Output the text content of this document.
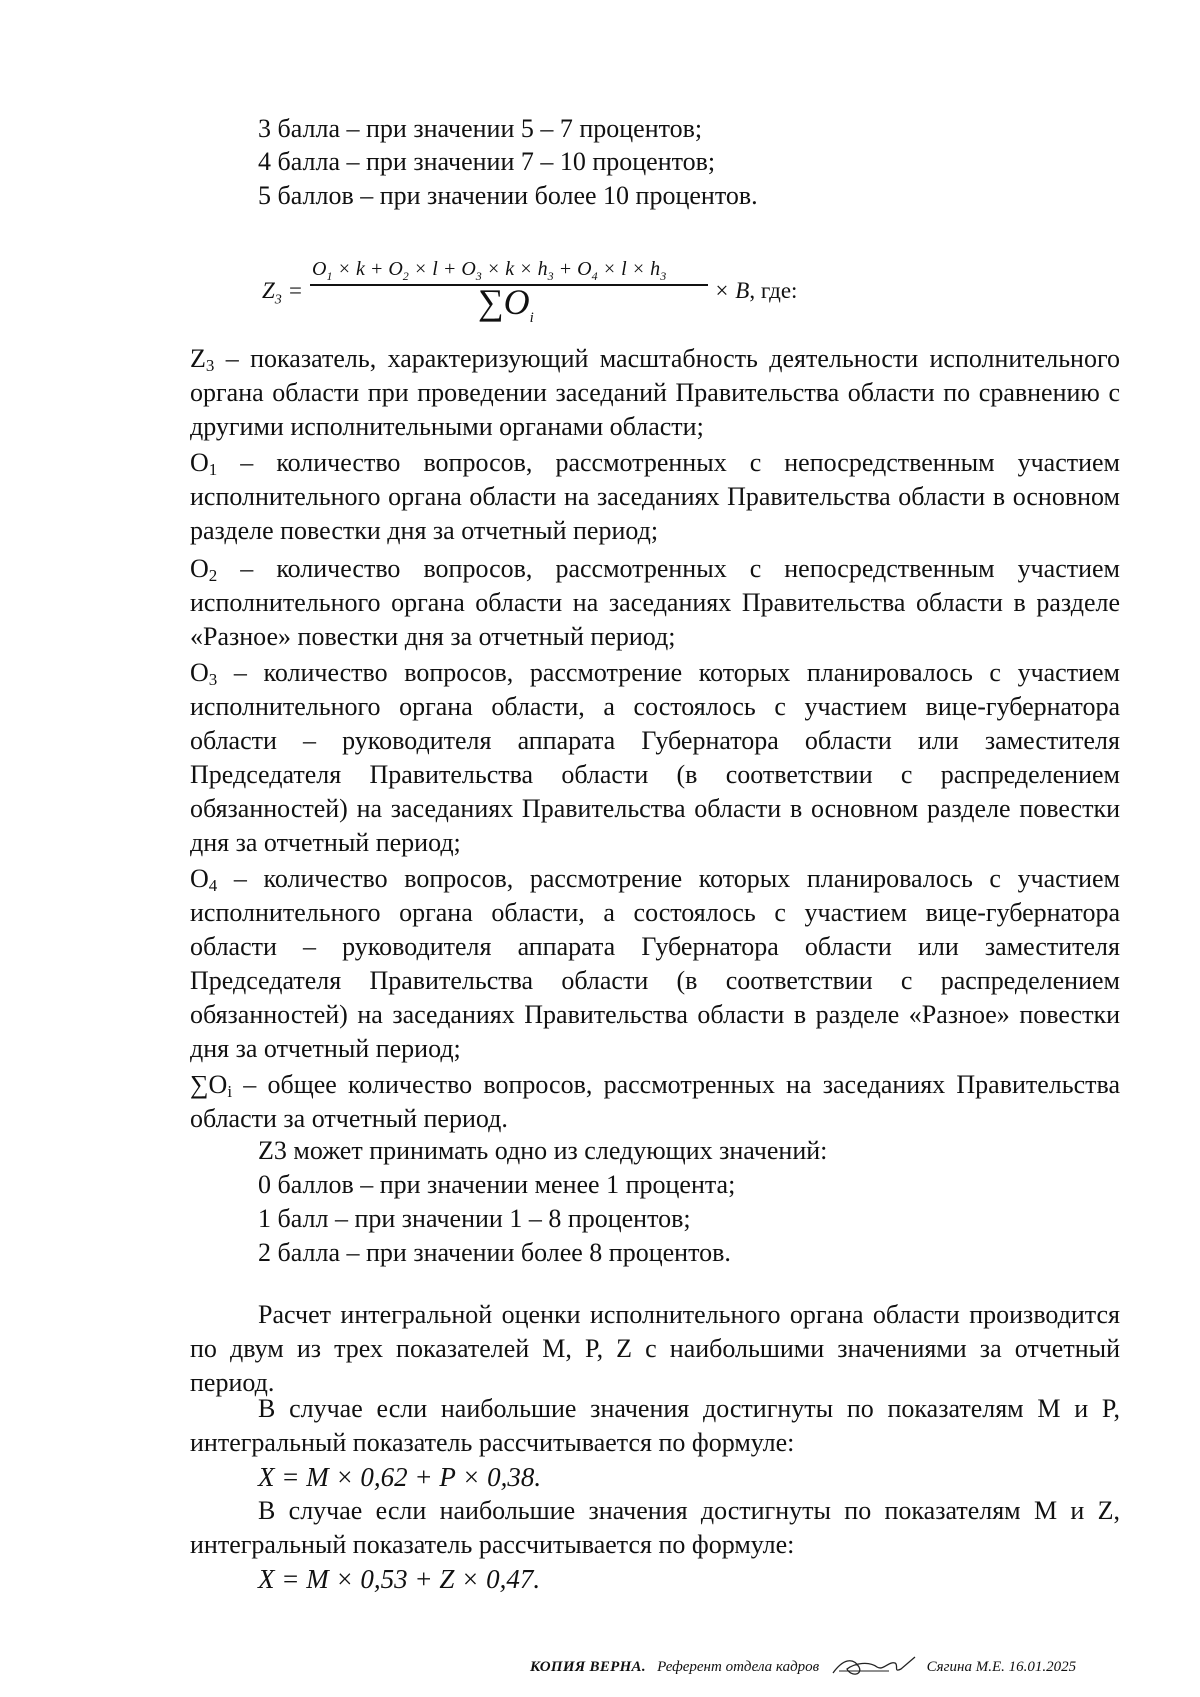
3 балла – при значении 5 – 7 процентов;
4 балла – при значении 7 – 10 процентов;
5 баллов – при значении более 10 процентов.
$Z_3$ =
$O_1 \times k + O_2 \times l + O_3 \times k \times h_3 + O_4 \times l \times h_3$
$\sum O_i$
× B, где:
$Z_3$ – показатель, характеризующий масштабность деятельности исполнительного органа области при проведении заседаний Правительства области по сравнению с другими исполнительными органами области;
$O_1$ – количество вопросов, рассмотренных с непосредственным участием исполнительного органа области на заседаниях Правительства области в основном разделе повестки дня за отчетный период;
$O_2$ – количество вопросов, рассмотренных с непосредственным участием исполнительного органа области на заседаниях Правительства области в разделе «Разное» повестки дня за отчетный период;
$O_3$ – количество вопросов, рассмотрение которых планировалось с участием исполнительного органа области, а состоялось с участием вице-губернатора области – руководителя аппарата Губернатора области или заместителя Председателя Правительства области (в соответствии с распределением обязанностей) на заседаниях Правительства области в основном разделе повестки дня за отчетный период;
$O_4$ – количество вопросов, рассмотрение которых планировалось с участием исполнительного органа области, а состоялось с участием вице-губернатора области – руководителя аппарата Губернатора области или заместителя Председателя Правительства области (в соответствии с распределением обязанностей) на заседаниях Правительства области в разделе «Разное» повестки дня за отчетный период;
$\sum O_i$ – общее количество вопросов, рассмотренных на заседаниях Правительства области за отчетный период.
Z3 может принимать одно из следующих значений:
0 баллов – при значении менее 1 процента;
1 балл – при значении 1 – 8 процентов;
2 балла – при значении более 8 процентов.
Расчет интегральной оценки исполнительного органа области производится по двум из трех показателей M, P, Z с наибольшими значениями за отчетный период.
В случае если наибольшие значения достигнуты по показателям M и P, интегральный показатель рассчитывается по формуле:
X = M × 0,62 + P × 0,38.
В случае если наибольшие значения достигнуты по показателям M и Z, интегральный показатель рассчитывается по формуле:
X = M × 0,53 + Z × 0,47.
КОПИЯ ВЕРНА. Референт отдела кадров	Сягина М.Е. 16.01.2025
